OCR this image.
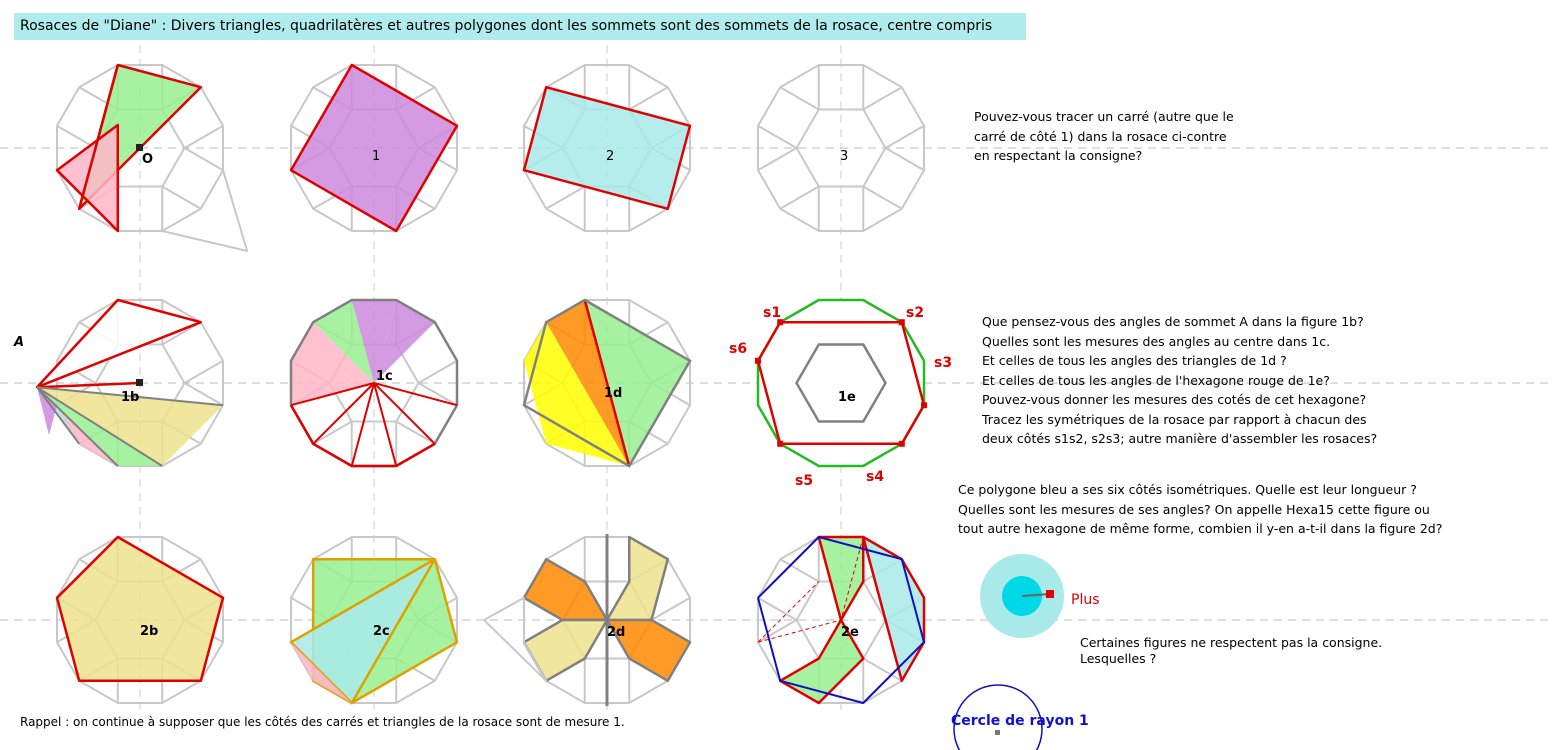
Rosaces de "Diane" : Divers triangles, quadrilatères et autres polygones dont les sommets sont des sommets de la rosace, centre compris
O	1	2	3
A
1b
1c
1d	1e
2b	2c	2d	2e
s1	s2
s3
s4
s5
s6
Pouvez-vous tracer un carré (autre que le
carré de côté 1) dans la rosace ci-contre
en respectant la consigne?
Que pensez-vous des angles de sommet A dans la figure 1b?
Quelles sont les mesures des angles au centre dans 1c.
Et celles de tous les angles des triangles de 1d ?
Et celles de tous les angles de l'hexagone rouge de 1e?
Pouvez-vous donner les mesures des cotés de cet hexagone?
Tracez les symétriques de la rosace par rapport à chacun des
deux côtés s1s2, s2s3; autre manière d'assembler les rosaces?
Ce polygone bleu a ses six côtés isométriques. Quelle est leur longueur ?
Quelles sont les mesures de ses angles? On appelle Hexa15 cette figure ou
tout autre hexagone de même forme, combien il y-en a-t-il dans la figure 2d?
Plus
Certaines figures ne respectent pas la consigne.
Lesquelles ?
Cercle de rayon 1
Rappel : on continue à supposer que les côtés des carrés et triangles de la rosace sont de mesure 1.
